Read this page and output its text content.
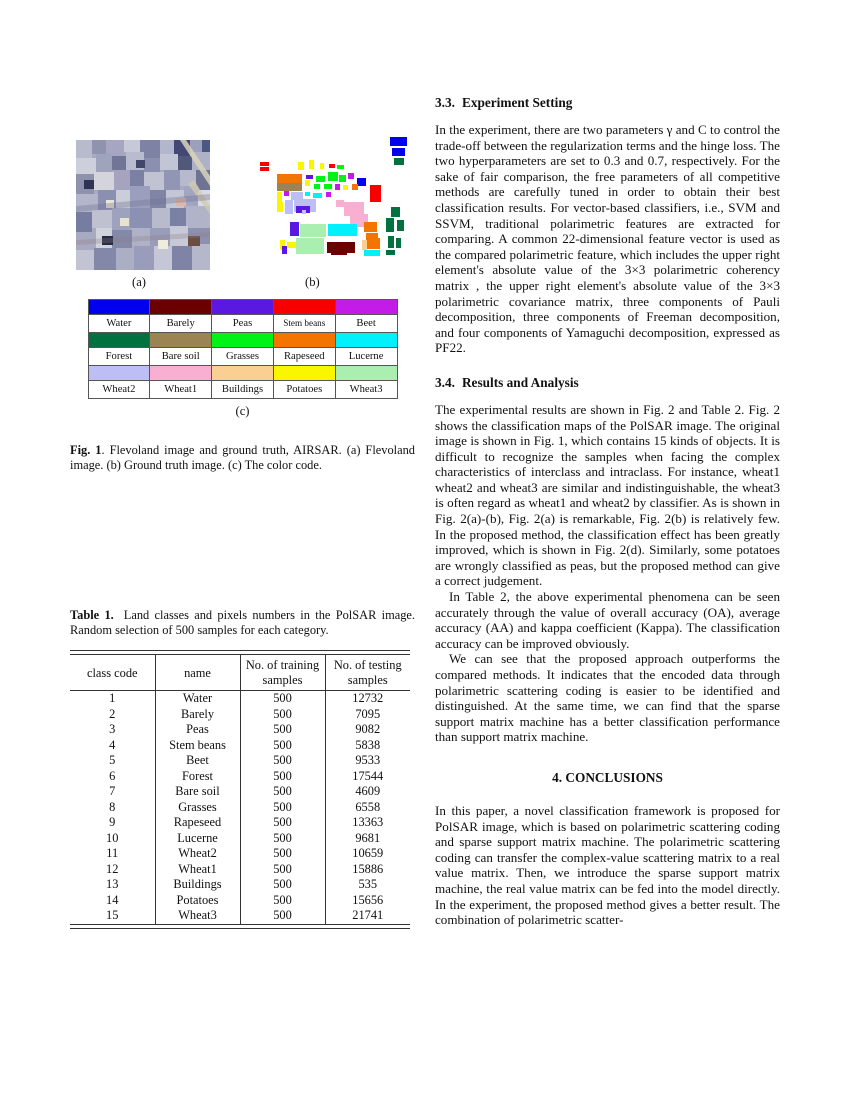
(a)	(b)

Water	Barely	Peas	Stem beans	Beet

Forest	Bare soil	Grasses	Rapeseed	Lucerne

Wheat2	Wheat1	Buildings	Potatoes	Wheat3
(c)
Fig. 1. Flevoland image and ground truth, AIRSAR. (a) Flevoland image. (b) Ground truth image. (c) The color code.
Table 1. Land classes and pixels numbers in the PolSAR image. Random selection of 500 samples for each category.

class code	name	No. of training
samples	No. of testing
samples
1	Water	500	12732
2	Barely	500	7095
3	Peas	500	9082
4	Stem beans	500	5838
5	Beet	500	9533
6	Forest	500	17544
7	Bare soil	500	4609
8	Grasses	500	6558
9	Rapeseed	500	13363
10	Lucerne	500	9681
11	Wheat2	500	10659
12	Wheat1	500	15886
13	Buildings	500	535
14	Potatoes	500	15656
15	Wheat3	500	21741

3.3. Experiment Setting

In the experiment, there are two parameters γ and C to control the trade-off between the regularization terms and the hinge loss. The two hyperparameters are set to 0.3 and 0.7, respectively. For the sake of fair comparison, the free parameters of all competitive methods are carefully tuned in order to obtain their best classification results. For vector-based classifiers, i.e., SVM and SSVM, traditional polarimetric features are extracted for comparing. A common 22-dimensional feature vector is used as the compared polarimetric feature, which includes the upper right element's absolute value of the 3×3 polarimetric coherency matrix , the upper right element's absolute value of the 3×3 polarimetric covariance matrix, three components of Pauli decomposition, three components of Freeman decomposition, and four components of Yamaguchi decomposition, expressed as PF22.

3.4. Results and Analysis

The experimental results are shown in Fig. 2 and Table 2. Fig. 2 shows the classification maps of the PolSAR image. The original image is shown in Fig. 1, which contains 15 kinds of objects. It is difficult to recognize the samples when facing the complex characteristics of interclass and intraclass. For instance, wheat1 wheat2 and wheat3 are similar and indistinguishable, the wheat3 is often regard as wheat1 and wheat2 by classifier. As is shown in Fig. 2(a)-(b), Fig. 2(a) is remarkable, Fig. 2(b) is relatively few. In the proposed method, the classification effect has been greatly improved, which is shown in Fig. 2(d). Similarly, some potatoes are wrongly classified as peas, but the proposed method can give a correct judgement.

In Table 2, the above experimental phenomena can be seen accurately through the value of overall accuracy (OA), average accuracy (AA) and kappa coefficient (Kappa). The classification accuracy can be improved obviously.

We can see that the proposed approach outperforms the compared methods. It indicates that the encoded data through polarimetric scattering coding is easier to be identified and distinguished. At the same time, we can find that the sparse support matrix machine has a better classification performance than support matrix machine.

4. CONCLUSIONS

In this paper, a novel classification framework is proposed for PolSAR image, which is based on polarimetric scattering coding and sparse support matrix machine. The polarimetric scattering coding can transfer the complex-value scattering matrix to a real value matrix. Then, we introduce the sparse support matrix machine, the real value matrix can be fed into the model directly. In the experiment, the proposed method gives a better result. The combination of polarimetric scatter-
